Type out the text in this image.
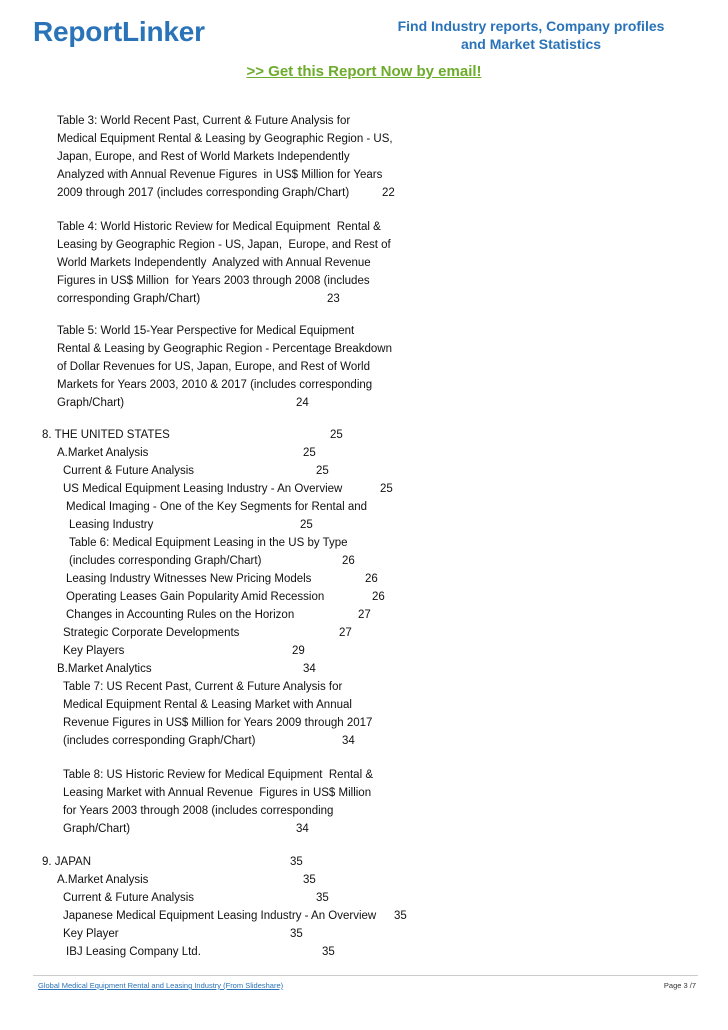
ReportLinker	Find Industry reports, Company profiles
and Market Statistics
>> Get this Report Now by email!
Table 3: World Recent Past, Current & Future Analysis for
Medical Equipment Rental & Leasing by Geographic Region - US,
Japan, Europe, and Rest of World Markets Independently
Analyzed with Annual Revenue Figures  in US$ Million for Years
2009 through 2017 (includes corresponding Graph/Chart)	22
Table 4: World Historic Review for Medical Equipment  Rental &
Leasing by Geographic Region - US, Japan,  Europe, and Rest of
World Markets Independently  Analyzed with Annual Revenue
Figures in US$ Million  for Years 2003 through 2008 (includes
corresponding Graph/Chart)	23
Table 5: World 15-Year Perspective for Medical Equipment
Rental & Leasing by Geographic Region - Percentage Breakdown
of Dollar Revenues for US, Japan, Europe, and Rest of World
Markets for Years 2003, 2010 & 2017 (includes corresponding
Graph/Chart)	24
8. THE UNITED STATES	25
A.Market Analysis	25
Current & Future Analysis	25
US Medical Equipment Leasing Industry - An Overview	25
Medical Imaging - One of the Key Segments for Rental and
Leasing Industry	25
Table 6: Medical Equipment Leasing in the US by Type
(includes corresponding Graph/Chart)	26
Leasing Industry Witnesses New Pricing Models	26
Operating Leases Gain Popularity Amid Recession	26
Changes in Accounting Rules on the Horizon	27
Strategic Corporate Developments	27
Key Players	29
B.Market Analytics	34
Table 7: US Recent Past, Current & Future Analysis for
Medical Equipment Rental & Leasing Market with Annual
Revenue Figures in US$ Million for Years 2009 through 2017
(includes corresponding Graph/Chart)	34
Table 8: US Historic Review for Medical Equipment  Rental &
Leasing Market with Annual Revenue  Figures in US$ Million
for Years 2003 through 2008 (includes corresponding
Graph/Chart)	34
9. JAPAN	35
A.Market Analysis	35
Current & Future Analysis	35
Japanese Medical Equipment Leasing Industry - An Overview 35
Key Player	35
IBJ Leasing Company Ltd.	35
Global Medical Equipment Rental and Leasing Industry (From Slideshare)	Page 3 /7
